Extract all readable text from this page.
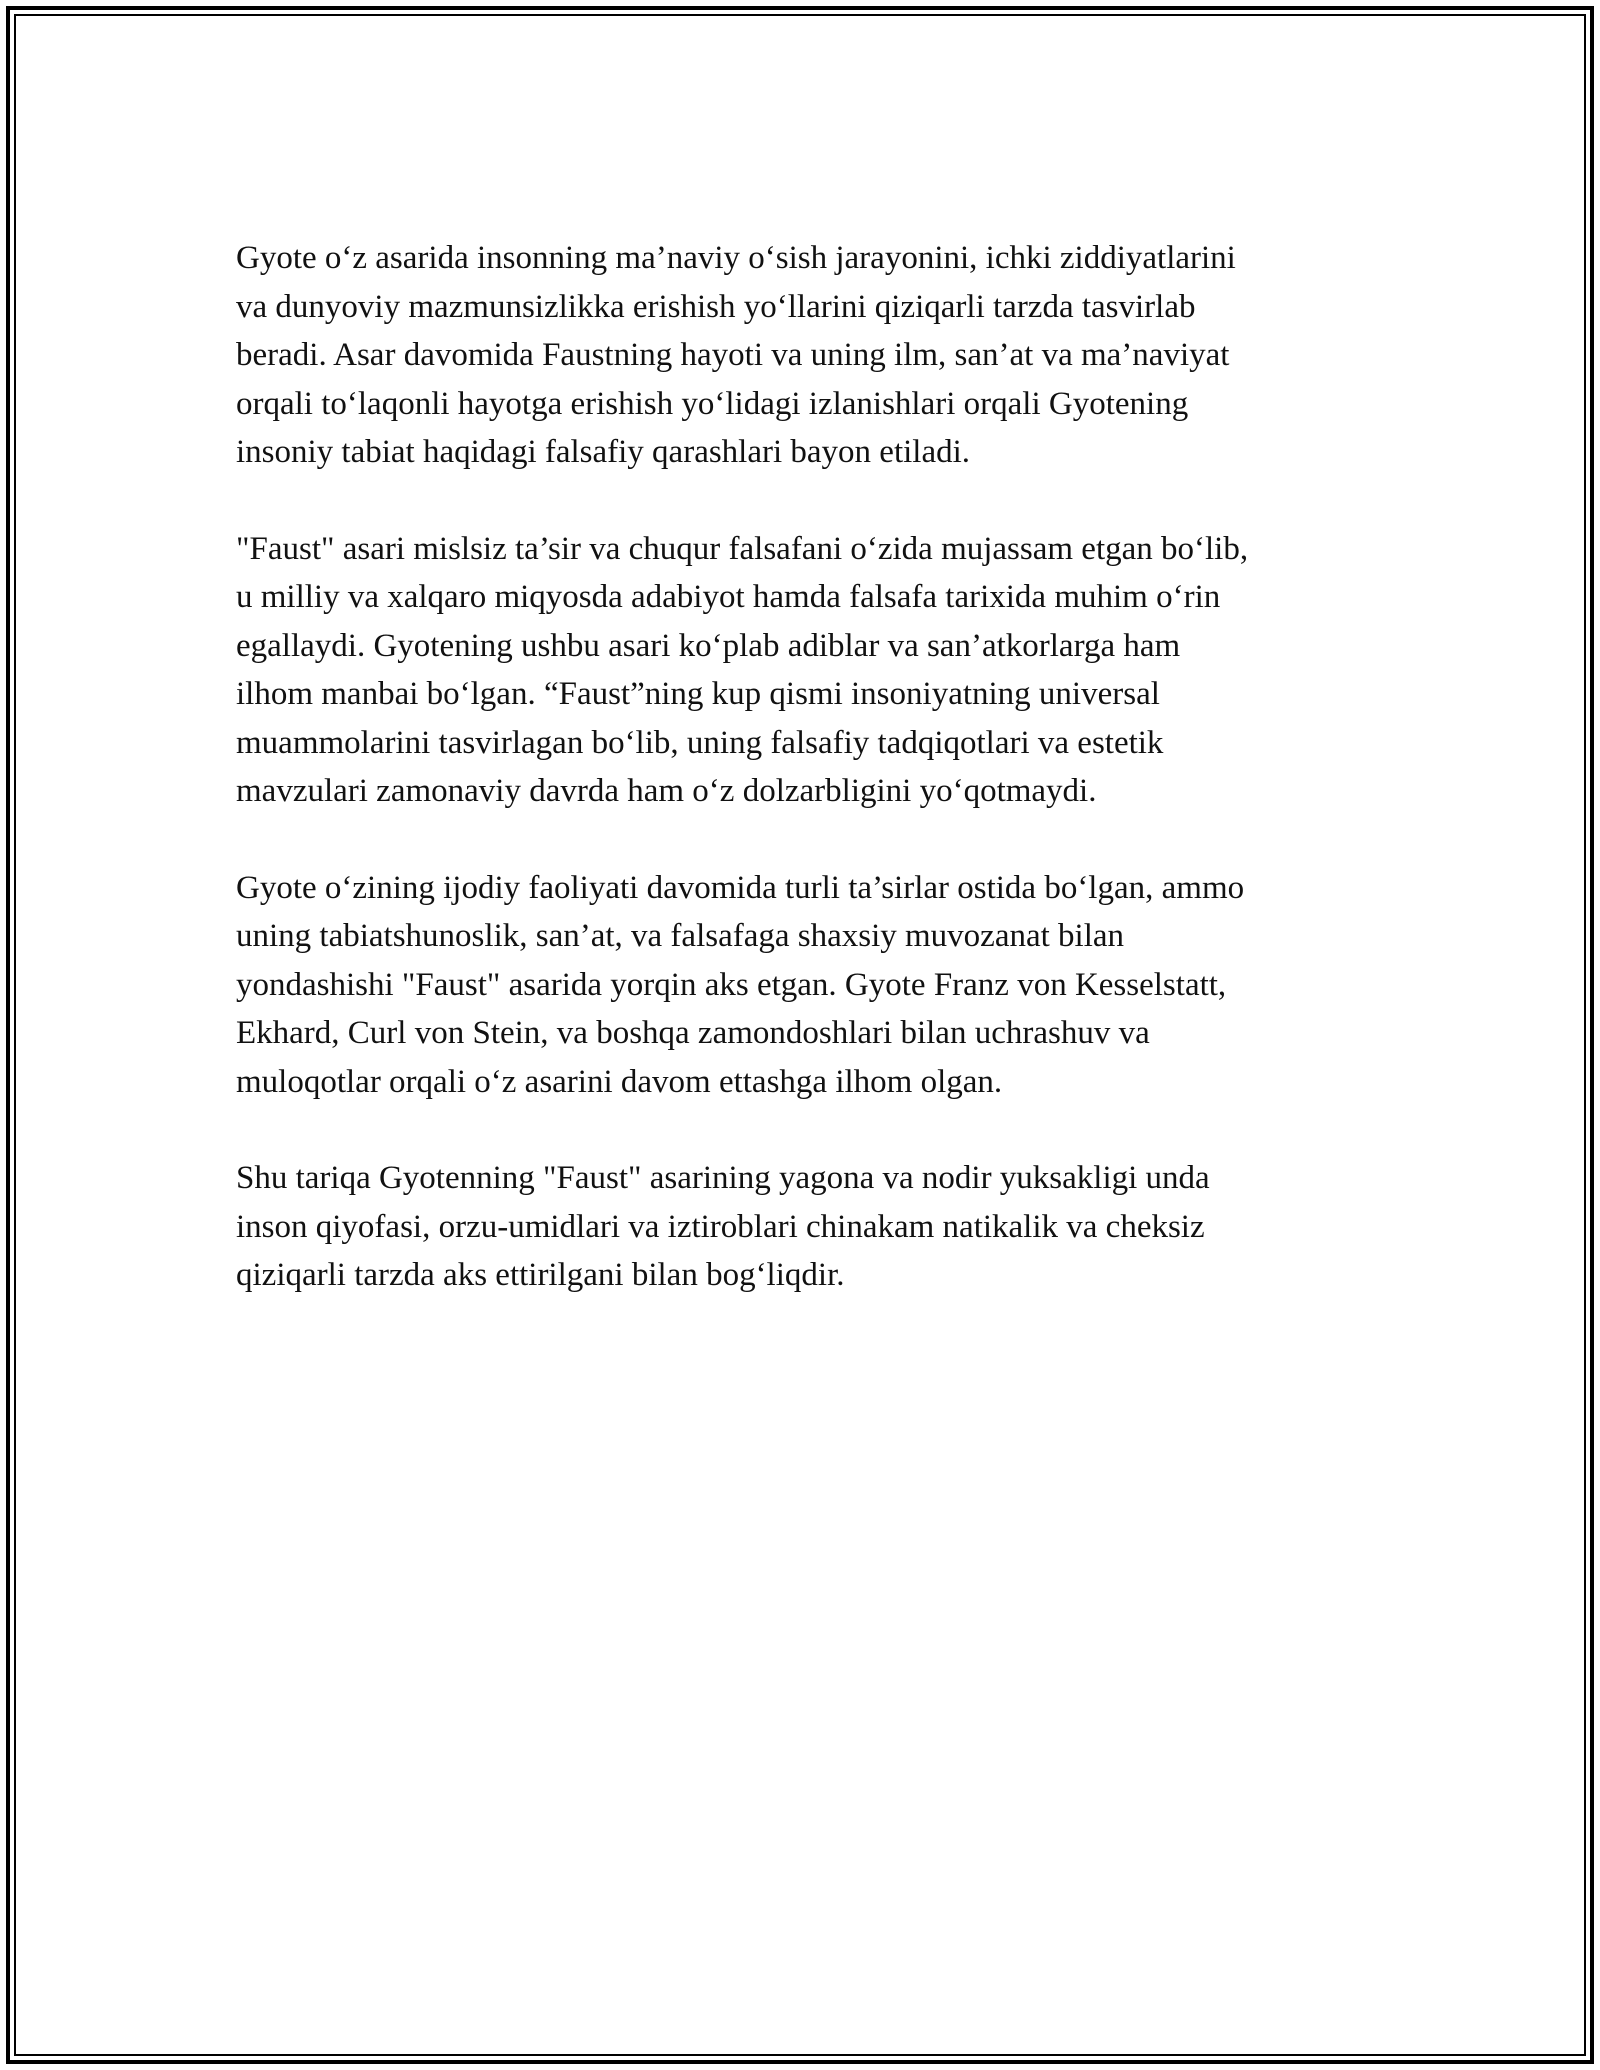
Gyote o‘z asarida insonning ma’naviy o‘sish jarayonini, ichki ziddiyatlarini
va dunyoviy mazmunsizlikka erishish yo‘llarini qiziqarli tarzda tasvirlab
beradi. Asar davomida Faustning hayoti va uning ilm, san’at va ma’naviyat
orqali to‘laqonli hayotga erishish yo‘lidagi izlanishlari orqali Gyotening
insoniy tabiat haqidagi falsafiy qarashlari bayon etiladi.

"Faust" asari mislsiz ta’sir va chuqur falsafani o‘zida mujassam etgan bo‘lib,
u milliy va xalqaro miqyosda adabiyot hamda falsafa tarixida muhim o‘rin
egallaydi. Gyotening ushbu asari ko‘plab adiblar va san’atkorlarga ham
ilhom manbai bo‘lgan. “Faust”ning kup qismi insoniyatning universal
muammolarini tasvirlagan bo‘lib, uning falsafiy tadqiqotlari va estetik
mavzulari zamonaviy davrda ham o‘z dolzarbligini yo‘qotmaydi.

Gyote o‘zining ijodiy faoliyati davomida turli ta’sirlar ostida bo‘lgan, ammo
uning tabiatshunoslik, san’at, va falsafaga shaxsiy muvozanat bilan
yondashishi "Faust" asarida yorqin aks etgan. Gyote Franz von Kesselstatt,
Ekhard, Curl von Stein, va boshqa zamondoshlari bilan uchrashuv va
muloqotlar orqali o‘z asarini davom ettashga ilhom olgan.

Shu tariqa Gyotenning "Faust" asarining yagona va nodir yuksakligi unda
inson qiyofasi, orzu-umidlari va iztiroblari chinakam natikalik va cheksiz
qiziqarli tarzda aks ettirilgani bilan bog‘liqdir.
